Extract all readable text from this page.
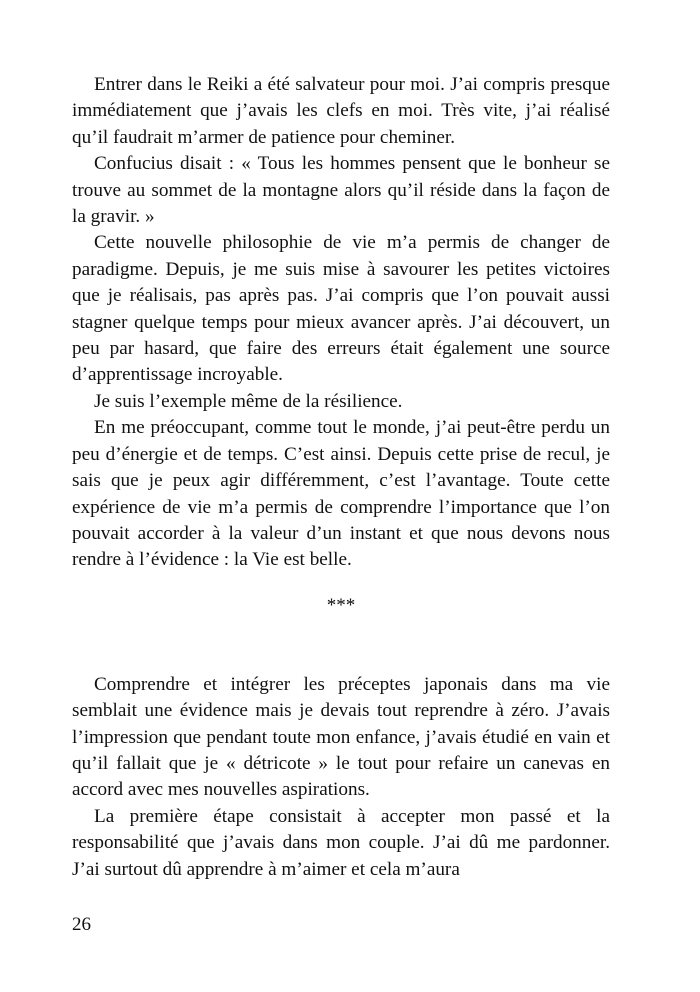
Entrer dans le Reiki a été salvateur pour moi. J’ai compris presque immédiatement que j’avais les clefs en moi. Très vite, j’ai réalisé qu’il faudrait m’armer de patience pour cheminer.

Confucius disait : « Tous les hommes pensent que le bonheur se trouve au sommet de la montagne alors qu’il réside dans la façon de la gravir. »

Cette nouvelle philosophie de vie m’a permis de changer de paradigme. Depuis, je me suis mise à savourer les petites victoires que je réalisais, pas après pas. J’ai compris que l’on pouvait aussi stagner quelque temps pour mieux avancer après. J’ai découvert, un peu par hasard, que faire des erreurs était également une source d’apprentissage incroyable.

Je suis l’exemple même de la résilience.

En me préoccupant, comme tout le monde, j’ai peut-être perdu un peu d’énergie et de temps. C’est ainsi. Depuis cette prise de recul, je sais que je peux agir différemment, c’est l’avantage. Toute cette expérience de vie m’a permis de comprendre l’importance que l’on pouvait accorder à la valeur d’un instant et que nous devons nous rendre à l’évidence : la Vie est belle.

***

Comprendre et intégrer les préceptes japonais dans ma vie semblait une évidence mais je devais tout reprendre à zéro. J’avais l’impression que pendant toute mon enfance, j’avais étudié en vain et qu’il fallait que je « détricote » le tout pour refaire un canevas en accord avec mes nouvelles aspirations.

La première étape consistait à accepter mon passé et la responsabilité que j’avais dans mon couple. J’ai dû me pardonner. J’ai surtout dû apprendre à m’aimer et cela m’aura

26
